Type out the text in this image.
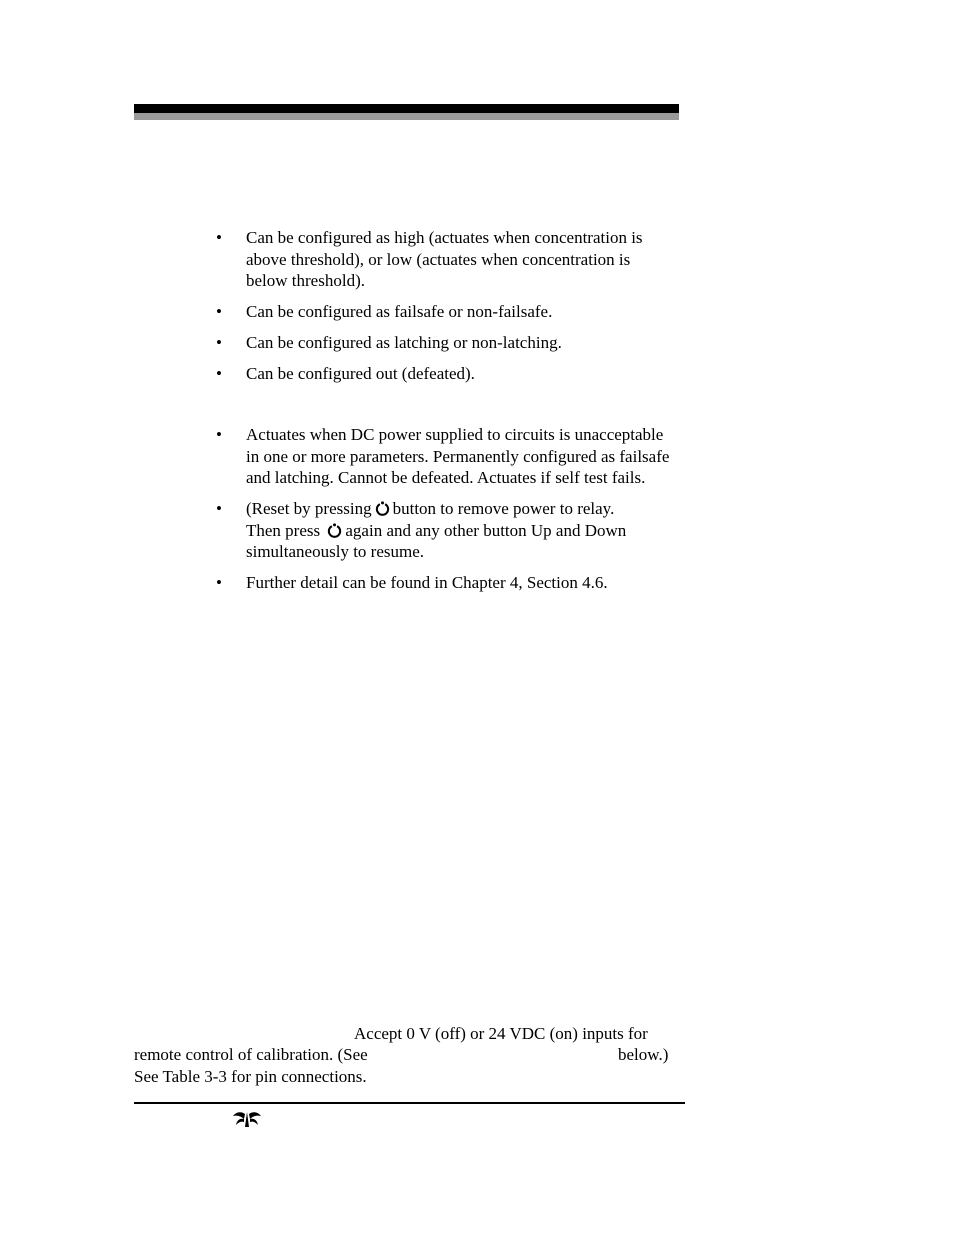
• Can be configured as high (actuates when concentration is above threshold), or low (actuates when concentration is below threshold).
• Can be configured as failsafe or non-failsafe.
• Can be configured as latching or non-latching.
• Can be configured out (defeated).
• Actuates when DC power supplied to circuits is unacceptable in one or more parameters. Permanently configured as failsafe and latching. Cannot be defeated. Actuates if self test fails.
• (Reset by pressing button to remove power to relay.
Then press again and any other button Up and Down
simultaneously to resume.
• Further detail can be found in Chapter 4, Section 4.6.
Accept 0 V (off) or 24 VDC (on) inputs for
remote control of calibration. (See	below.)
See Table 3-3 for pin connections.
